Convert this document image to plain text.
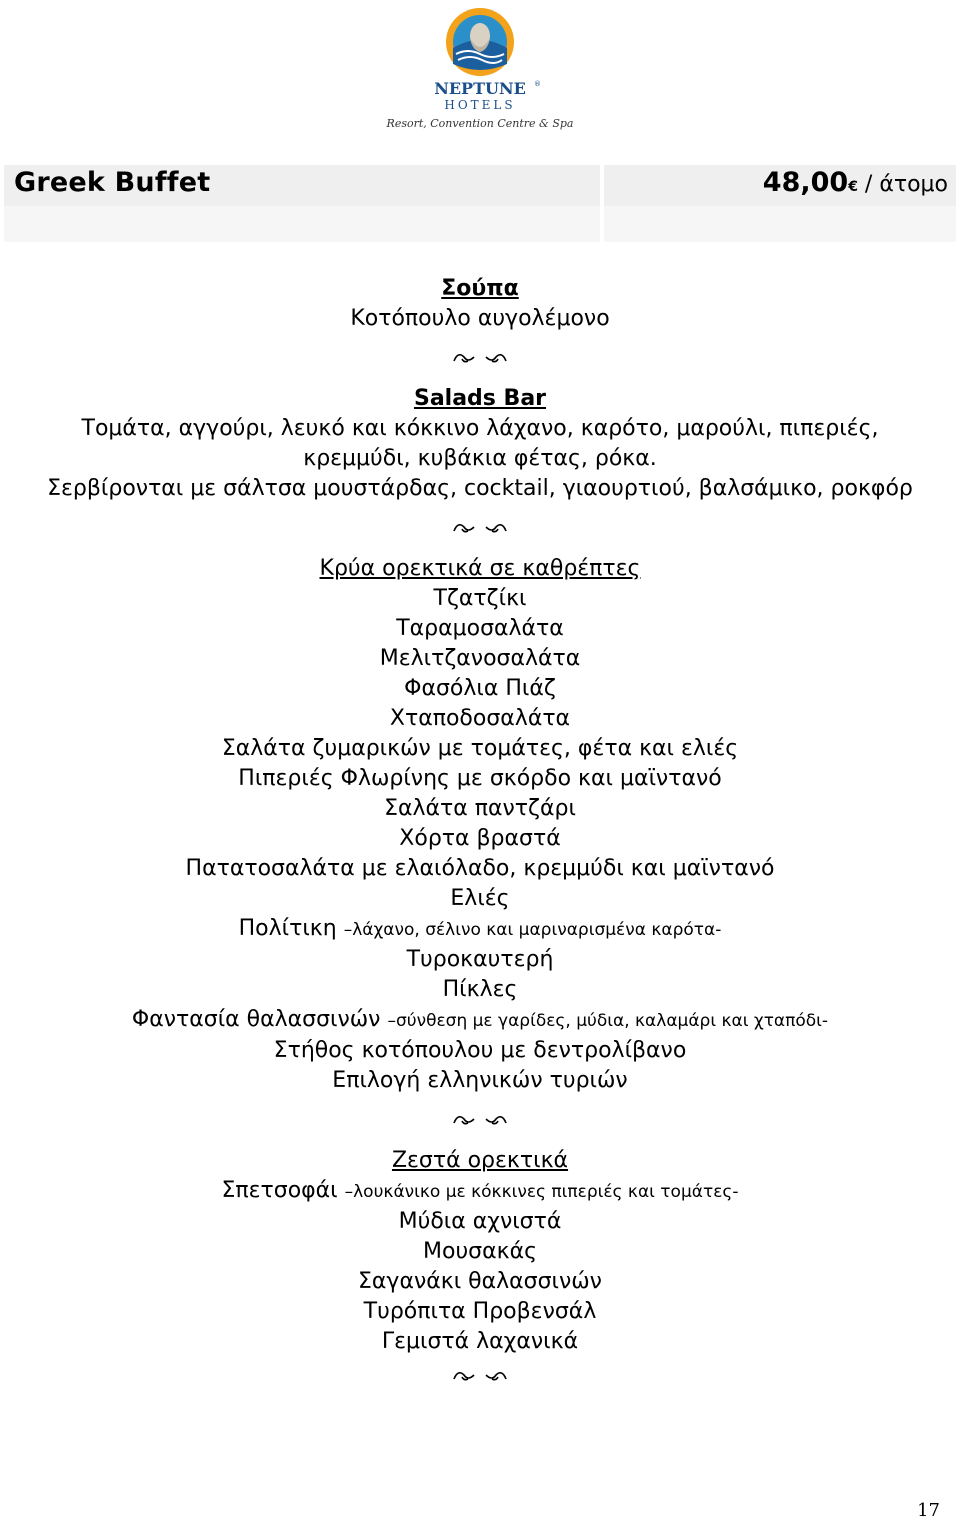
NEPTUNE ®
HOTELS
Resort, Convention Centre & Spa
Greek Buffet	48,00€ / άτομο
Σούπα
Κοτόπουλο αυγολέμονο
Salads Bar
Τομάτα, αγγούρι, λευκό και κόκκινο λάχανο, καρότο, μαρούλι, πιπεριές,
κρεμμύδι, κυβάκια φέτας, ρόκα.
Σερβίρονται με σάλτσα μουστάρδας, cocktail, γιαουρτιού, βαλσάμικο, ροκφόρ
Κρύα ορεκτικά σε καθρέπτες
Τζατζίκι
Ταραμοσαλάτα
Μελιτζανοσαλάτα
Φασόλια Πιάζ
Χταποδοσαλάτα
Σαλάτα ζυμαρικών με τομάτες, φέτα και ελιές
Πιπεριές Φλωρίνης με σκόρδο και μαϊντανό
Σαλάτα παντζάρι
Χόρτα βραστά
Πατατοσαλάτα με ελαιόλαδο, κρεμμύδι και μαϊντανό
Ελιές
Πολίτικη –λάχανο, σέλινο και μαριναρισμένα καρότα-
Τυροκαυτερή
Πίκλες
Φαντασία θαλασσινών –σύνθεση με γαρίδες, μύδια, καλαμάρι και χταπόδι-
Στήθος κοτόπουλου με δεντρολίβανο
Επιλογή ελληνικών τυριών
Ζεστά ορεκτικά
Σπετσοφάι –λουκάνικο με κόκκινες πιπεριές και τομάτες-
Μύδια αχνιστά
Μουσακάς
Σαγανάκι θαλασσινών
Τυρόπιτα Προβενσάλ
Γεμιστά λαχανικά
17
